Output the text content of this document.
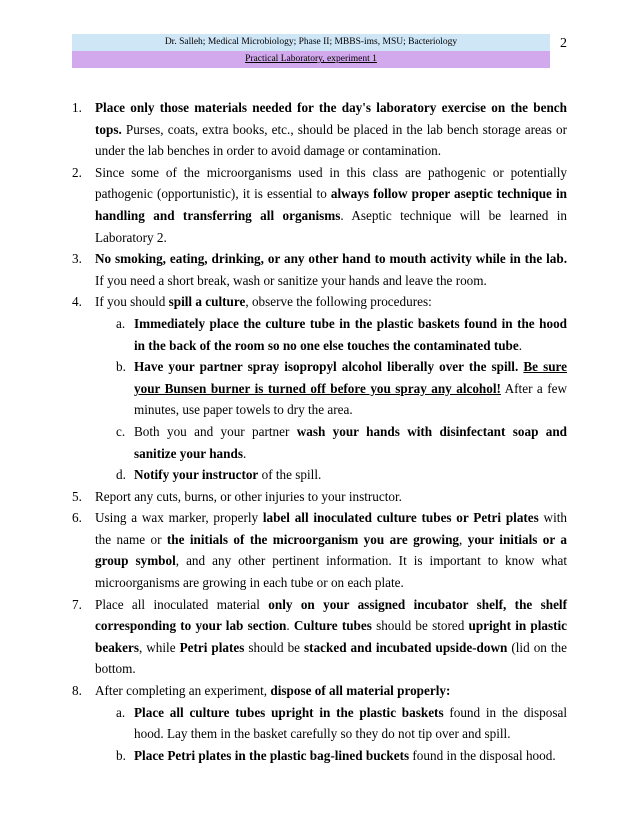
Dr. Salleh; Medical Microbiology; Phase II; MBBS-ims, MSU; Bacteriology
Practical Laboratory, experiment 1
2
1. Place only those materials needed for the day's laboratory exercise on the bench tops. Purses, coats, extra books, etc., should be placed in the lab bench storage areas or under the lab benches in order to avoid damage or contamination.
2. Since some of the microorganisms used in this class are pathogenic or potentially pathogenic (opportunistic), it is essential to always follow proper aseptic technique in handling and transferring all organisms. Aseptic technique will be learned in Laboratory 2.
3. No smoking, eating, drinking, or any other hand to mouth activity while in the lab. If you need a short break, wash or sanitize your hands and leave the room.
4. If you should spill a culture, observe the following procedures:
a. Immediately place the culture tube in the plastic baskets found in the hood in the back of the room so no one else touches the contaminated tube.
b. Have your partner spray isopropyl alcohol liberally over the spill. Be sure your Bunsen burner is turned off before you spray any alcohol! After a few minutes, use paper towels to dry the area.
c. Both you and your partner wash your hands with disinfectant soap and sanitize your hands.
d. Notify your instructor of the spill.
5. Report any cuts, burns, or other injuries to your instructor.
6. Using a wax marker, properly label all inoculated culture tubes or Petri plates with the name or the initials of the microorganism you are growing, your initials or a group symbol, and any other pertinent information. It is important to know what microorganisms are growing in each tube or on each plate.
7. Place all inoculated material only on your assigned incubator shelf, the shelf corresponding to your lab section. Culture tubes should be stored upright in plastic beakers, while Petri plates should be stacked and incubated upside-down (lid on the bottom.
8. After completing an experiment, dispose of all material properly:
a. Place all culture tubes upright in the plastic baskets found in the disposal hood. Lay them in the basket carefully so they do not tip over and spill.
b. Place Petri plates in the plastic bag-lined buckets found in the disposal hood.
